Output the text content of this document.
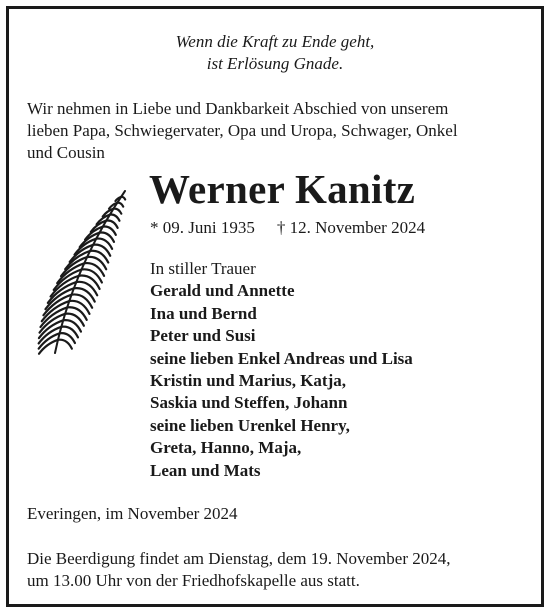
Wenn die Kraft zu Ende geht,
ist Erlösung Gnade.
Wir nehmen in Liebe und Dankbarkeit Abschied von unserem
lieben Papa, Schwiegervater, Opa und Uropa, Schwager, Onkel
und Cousin
Werner Kanitz
* 09. Juni 1935 † 12. November 2024
In stiller Trauer
Gerald und Annette
Ina und Bernd
Peter und Susi
seine lieben Enkel Andreas und Lisa
Kristin und Marius, Katja,
Saskia und Steffen, Johann
seine lieben Urenkel Henry,
Greta, Hanno, Maja,
Lean und Mats
Everingen, im November 2024
Die Beerdigung findet am Dienstag, dem 19. November 2024,
um 13.00 Uhr von der Friedhofskapelle aus statt.
